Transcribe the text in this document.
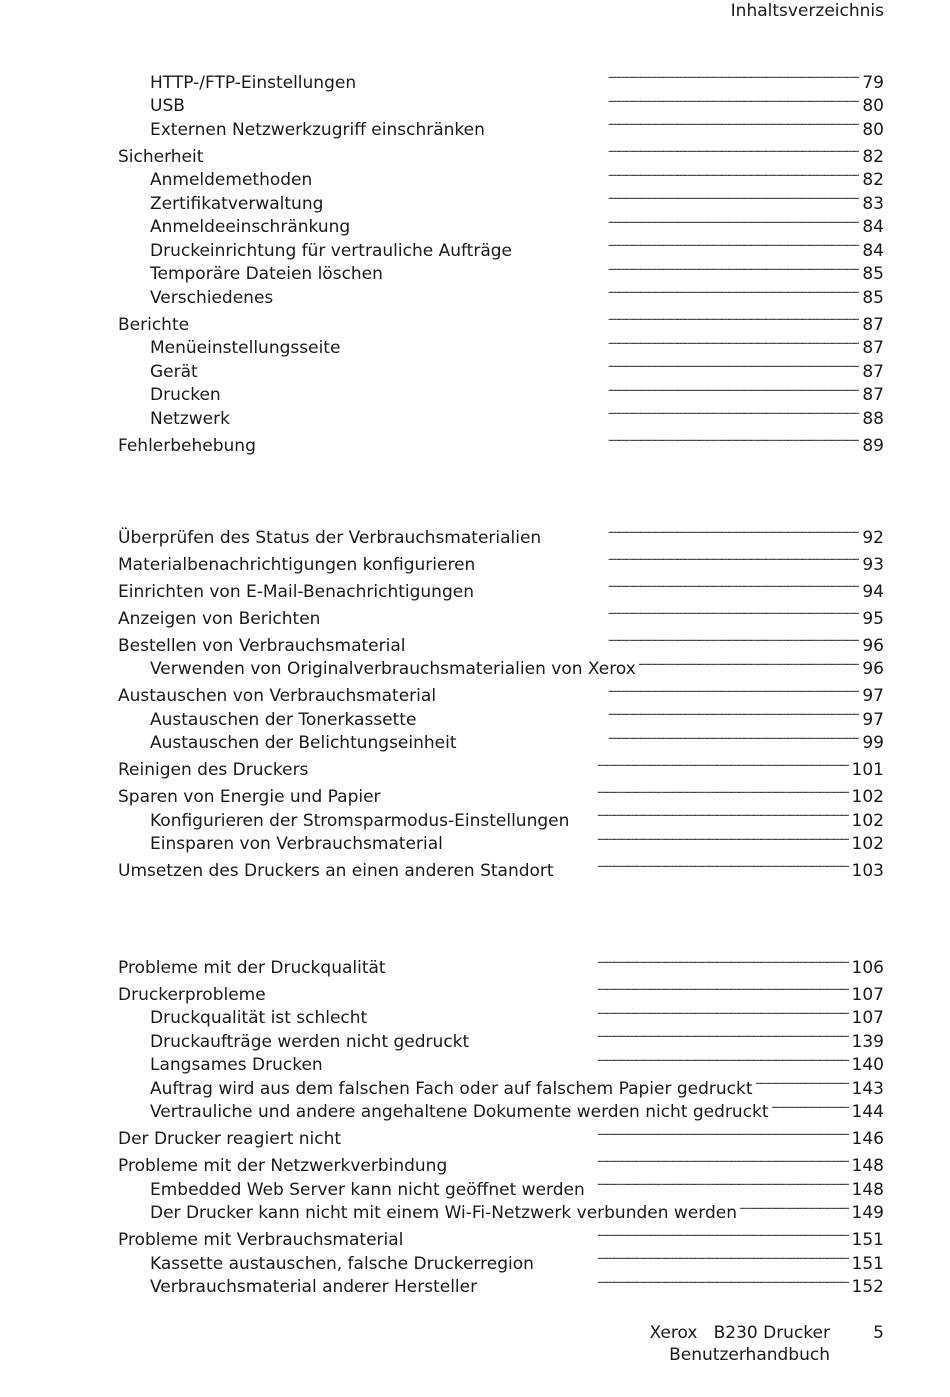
Inhaltsverzeichnis
HTTP-/FTP-Einstellungen . . .	79
USB . . .	80
Externen Netzwerkzugriff einschränken . . .	80
Sicherheit . . .	82
Anmeldemethoden . . .	82
Zertifikatverwaltung . . .	83
Anmeldeeinschränkung . . .	84
Druckeinrichtung für vertrauliche Aufträge . . .	84
Temporäre Dateien löschen . . .	85
Verschiedenes . . .	85
Berichte . . .	87
Menüeinstellungsseite . . .	87
Gerät . . .	87
Drucken . . .	87
Netzwerk . . .	88
Fehlerbehebung . . .	89
Überprüfen des Status der Verbrauchsmaterialien . . .	92
Materialbenachrichtigungen konfigurieren . . .	93
Einrichten von E-Mail-Benachrichtigungen . . .	94
Anzeigen von Berichten . . .	95
Bestellen von Verbrauchsmaterial . . .	96
Verwenden von Originalverbrauchsmaterialien von Xerox . . .	96
Austauschen von Verbrauchsmaterial . . .	97
Austauschen der Tonerkassette . . .	97
Austauschen der Belichtungseinheit . . .	99
Reinigen des Druckers . . .	101
Sparen von Energie und Papier . . .	102
Konfigurieren der Stromsparmodus-Einstellungen . . .	102
Einsparen von Verbrauchsmaterial . . .	102
Umsetzen des Druckers an einen anderen Standort . . .	103
Probleme mit der Druckqualität . . .	106
Druckerprobleme . . .	107
Druckqualität ist schlecht . . .	107
Druckaufträge werden nicht gedruckt . . .	139
Langsames Drucken . . .	140
Auftrag wird aus dem falschen Fach oder auf falschem Papier gedruckt . . .	143
Vertrauliche und andere angehaltene Dokumente werden nicht gedruckt . . .	144
Der Drucker reagiert nicht . . .	146
Probleme mit der Netzwerkverbindung . . .	148
Embedded Web Server kann nicht geöffnet werden . . .	148
Der Drucker kann nicht mit einem Wi-Fi-Netzwerk verbunden werden . . .	149
Probleme mit Verbrauchsmaterial . . .	151
Kassette austauschen, falsche Druckerregion . . .	151
Verbrauchsmaterial anderer Hersteller . . .	152
Xerox   B230 Drucker
Benutzerhandbuch
5
